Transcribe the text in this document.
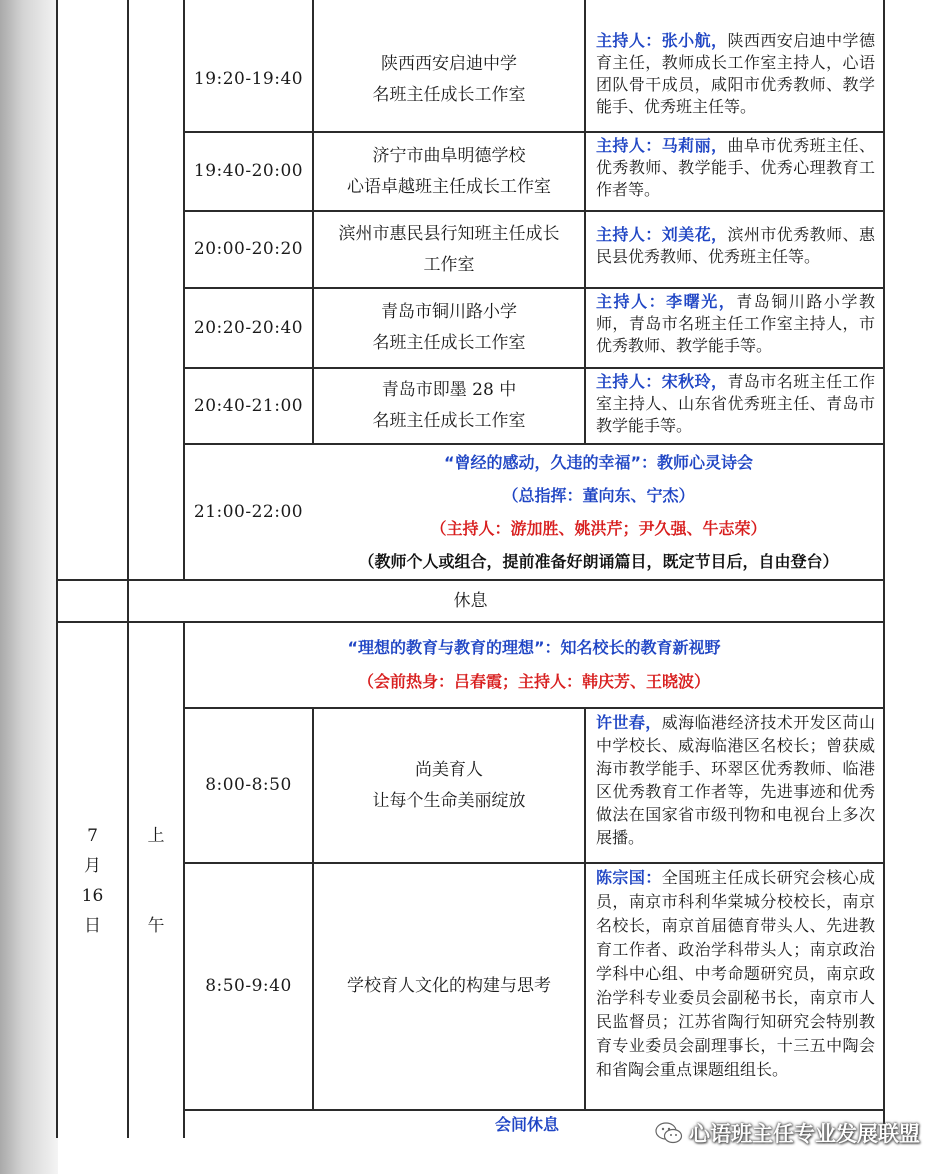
19:20-19:40
陕西西安启迪中学
名班主任成长工作室
主持人：张小航，陕西西安启迪中学德育主任，教师成长工作室主持人，心语团队骨干成员，咸阳市优秀教师、教学能手、优秀班主任等。
19:40-20:00
济宁市曲阜明德学校
心语卓越班主任成长工作室
主持人：马莉丽，曲阜市优秀班主任、优秀教师、教学能手、优秀心理教育工作者等。
20:00-20:20
滨州市惠民县行知班主任成长
工作室
主持人：刘美花，滨州市优秀教师、惠民县优秀教师、优秀班主任等。
20:20-20:40
青岛市铜川路小学
名班主任成长工作室
主持人：李曙光，青岛铜川路小学教师，青岛市名班主任工作室主持人，市优秀教师、教学能手等。
20:40-21:00
青岛市即墨 28 中
名班主任成长工作室
主持人：宋秋玲，青岛市名班主任工作室主持人、山东省优秀班主任、青岛市教学能手等。
21:00-22:00
“曾经的感动，久违的幸福”：教师心灵诗会
（总指挥：董向东、宁杰）
（主持人：游加胜、姚洪芹；尹久强、牛志荣）
（教师个人或组合，提前准备好朗诵篇目，既定节目后，自由登台）
休息
7
月
16
日
上
午
“理想的教育与教育的理想”：知名校长的教育新视野
（会前热身：吕春霞；主持人：韩庆芳、王晓波）
8:00-8:50
尚美育人
让每个生命美丽绽放
许世春，威海临港经济技术开发区苘山中学校长、威海临港区名校长；曾获威海市教学能手、环翠区优秀教师、临港区优秀教育工作者等，先进事迹和优秀做法在国家省市级刊物和电视台上多次展播。
8:50-9:40	学校育人文化的构建与思考
陈宗国：全国班主任成长研究会核心成员，南京市科利华棠城分校校长，南京名校长，南京首届德育带头人、先进教育工作者、政治学科带头人；南京政治学科中心组、中考命题研究员，南京政治学科专业委员会副秘书长，南京市人民监督员；江苏省陶行知研究会特别教育专业委员会副理事长，十三五中陶会和省陶会重点课题组组长。
会间休息	心语班主任专业发展联盟
